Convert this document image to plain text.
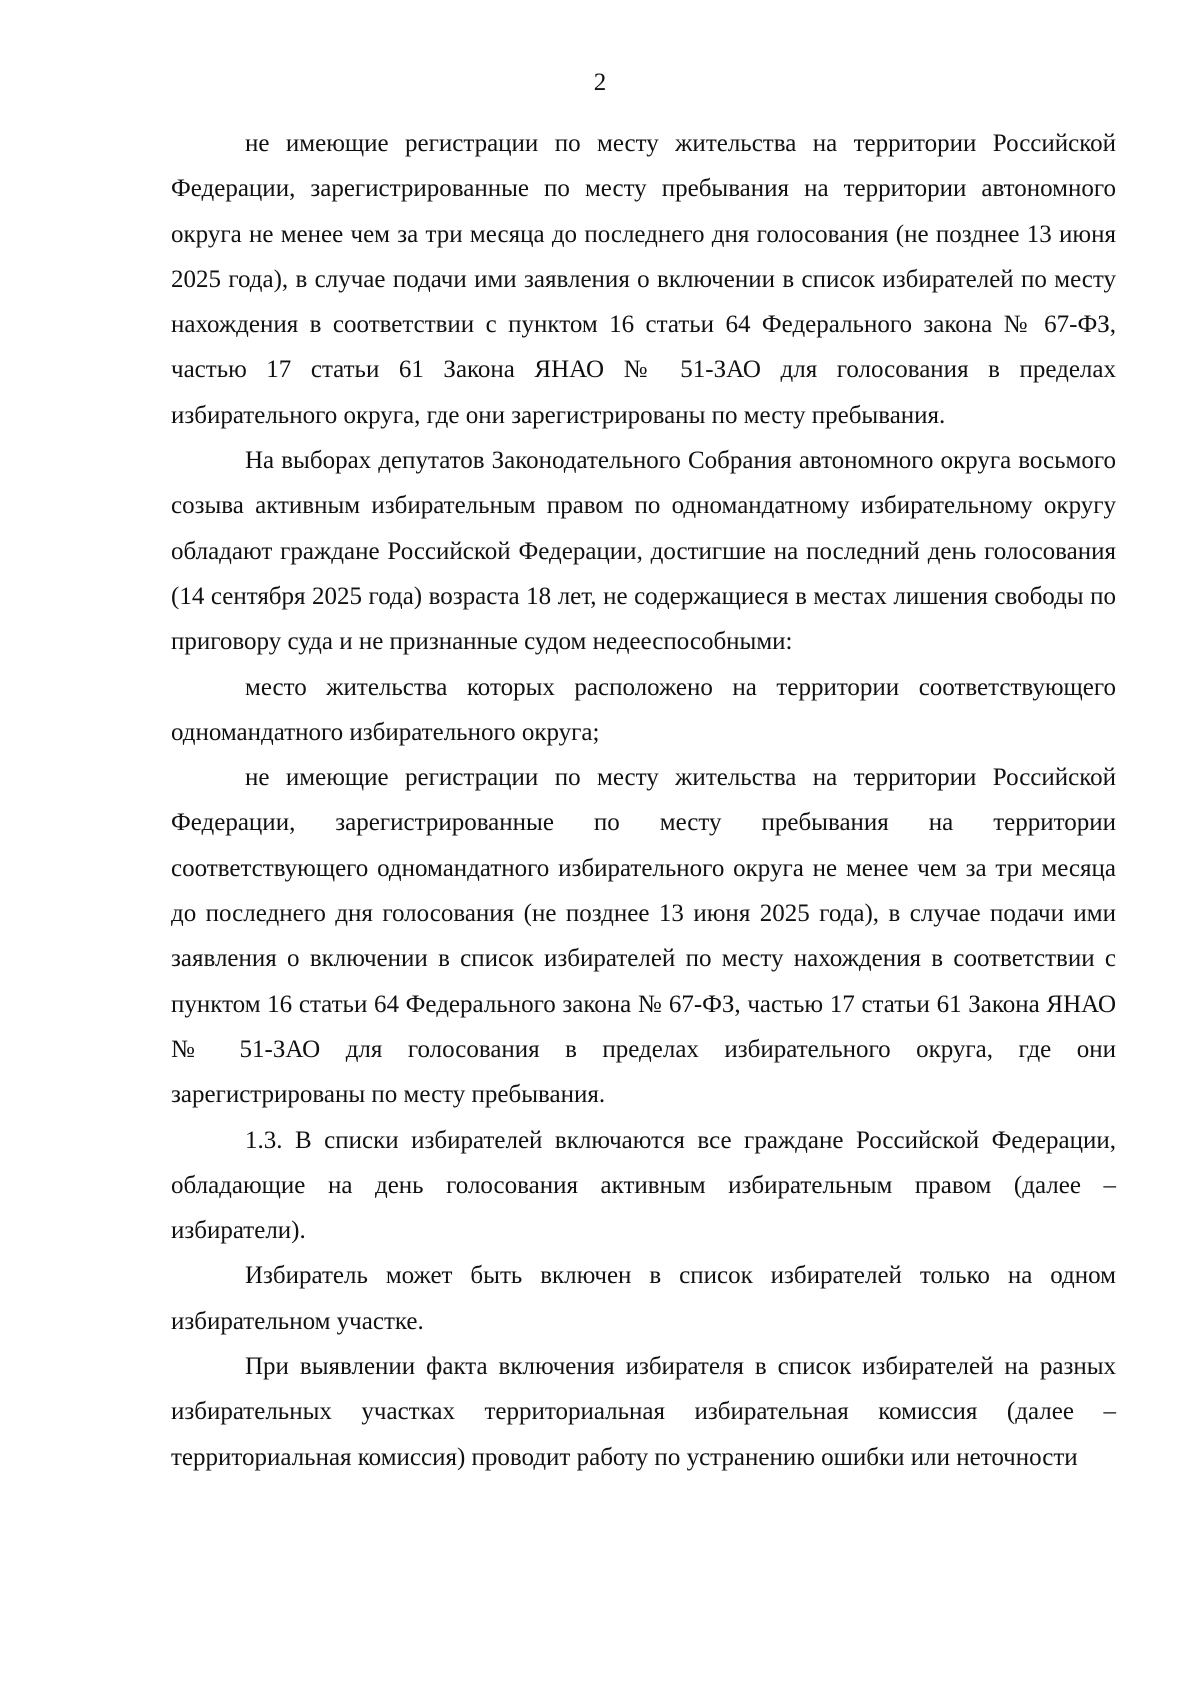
2

не имеющие регистрации по месту жительства на территории Российской Федерации, зарегистрированные по месту пребывания на территории автономного округа не менее чем за три месяца до последнего дня голосования (не позднее 13 июня 2025 года), в случае подачи ими заявления о включении в список избирателей по месту нахождения в соответствии с пунктом 16 статьи 64 Федерального закона № 67-ФЗ, частью 17 статьи 61 Закона ЯНАО № 51-ЗАО для голосования в пределах избирательного округа, где они зарегистрированы по месту пребывания.

На выборах депутатов Законодательного Собрания автономного округа восьмого созыва активным избирательным правом по одномандатному избирательному округу обладают граждане Российской Федерации, достигшие на последний день голосования (14 сентября 2025 года) возраста 18 лет, не содержащиеся в местах лишения свободы по приговору суда и не признанные судом недееспособными:

место жительства которых расположено на территории соответствующего одномандатного избирательного округа;

не имеющие регистрации по месту жительства на территории Российской Федерации, зарегистрированные по месту пребывания на территории соответствующего одномандатного избирательного округа не менее чем за три месяца до последнего дня голосования (не позднее 13 июня 2025 года), в случае подачи ими заявления о включении в список избирателей по месту нахождения в соответствии с пунктом 16 статьи 64 Федерального закона № 67-ФЗ, частью 17 статьи 61 Закона ЯНАО № 51-ЗАО для голосования в пределах избирательного округа, где они зарегистрированы по месту пребывания.

1.3. В списки избирателей включаются все граждане Российской Федерации, обладающие на день голосования активным избирательным правом (далее – избиратели).

Избиратель может быть включен в список избирателей только на одном избирательном участке.

При выявлении факта включения избирателя в список избирателей на разных избирательных участках территориальная избирательная комиссия (далее – территориальная комиссия) проводит работу по устранению ошибки или неточности
